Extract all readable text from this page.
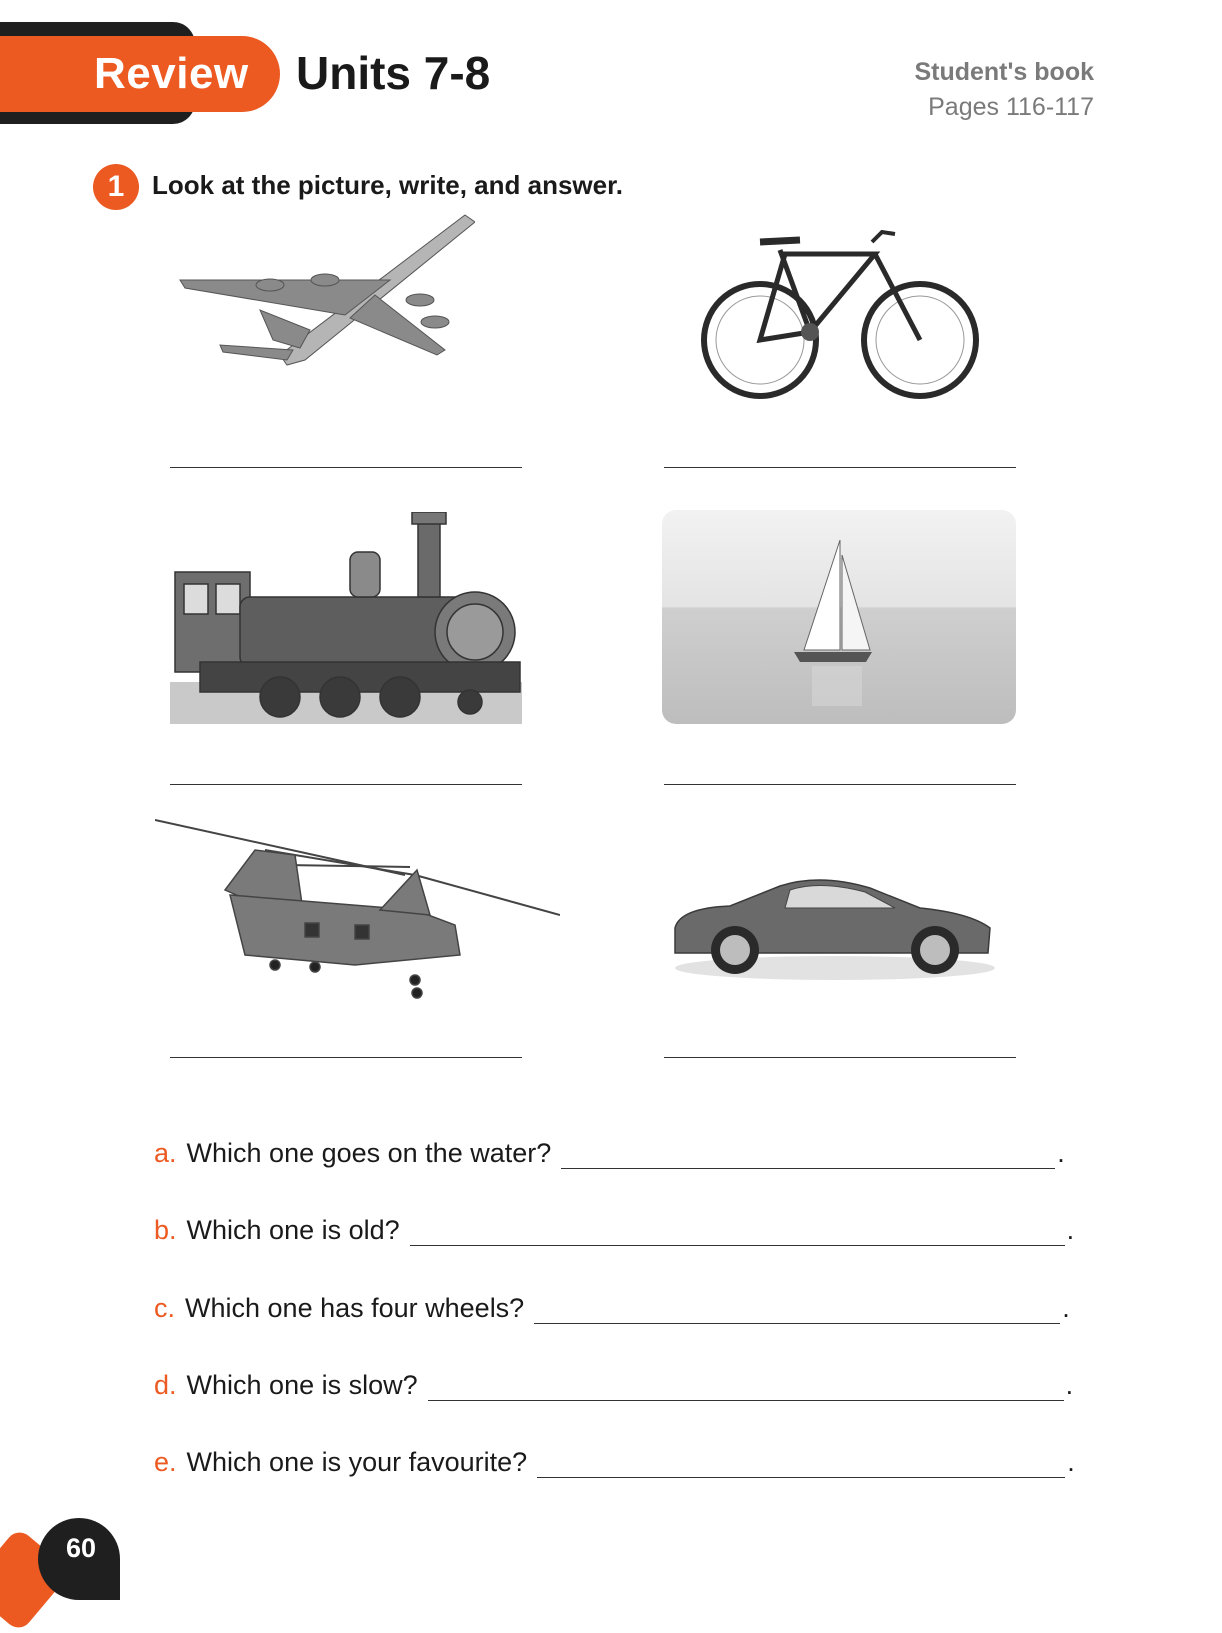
Review Units 7-8	Student's book
Pages 116-117
1	Look at the picture, write, and answer.
a. Which one goes on the water?	.
b. Which one is old?	.
c. Which one has four wheels?	.
d. Which one is slow?	.
e. Which one is your favourite?	.
60
